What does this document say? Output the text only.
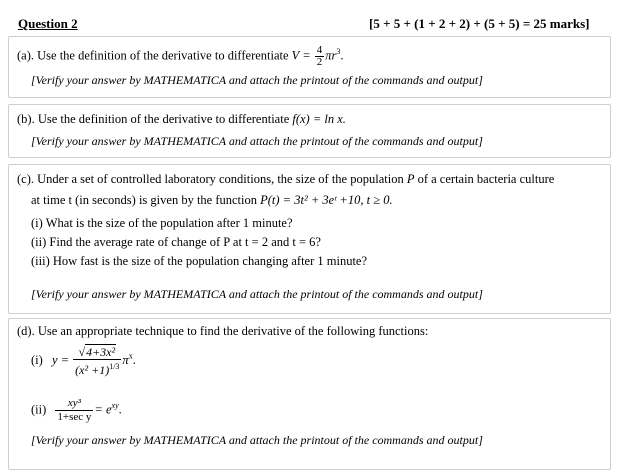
Question 2	[5 + 5 + (1 + 2 + 2) + (5 + 5) = 25 marks]
(a). Use the definition of the derivative to differentiate $V = \frac{4}{2} \pi r^3$.
[Verify your answer by MATHEMATICA and attach the printout of the commands and output]
(b). Use the definition of the derivative to differentiate f(x) = ln x.
[Verify your answer by MATHEMATICA and attach the printout of the commands and output]
(c). Under a set of controlled laboratory conditions, the size of the population P of a certain bacteria culture
at time t (in seconds) is given by the function P(t) = 3t² + 3eᵗ +10, t ≥ 0.
(i) What is the size of the population after 1 minute?
(ii) Find the average rate of change of P at t = 2 and t = 6?
(iii) How fast is the size of the population changing after 1 minute?
[Verify your answer by MATHEMATICA and attach the printout of the commands and output]
(d). Use an appropriate technique to find the derivative of the following functions:
(i) $y = \frac{\text{√4+3x²}}{(x^2 +1)^{1/3}} \pi^x$.
$(ii) \frac{\text{xy³}}{\text{1+sec y}} = e^{xy}$.
[Verify your answer by MATHEMATICA and attach the printout of the commands and output]
